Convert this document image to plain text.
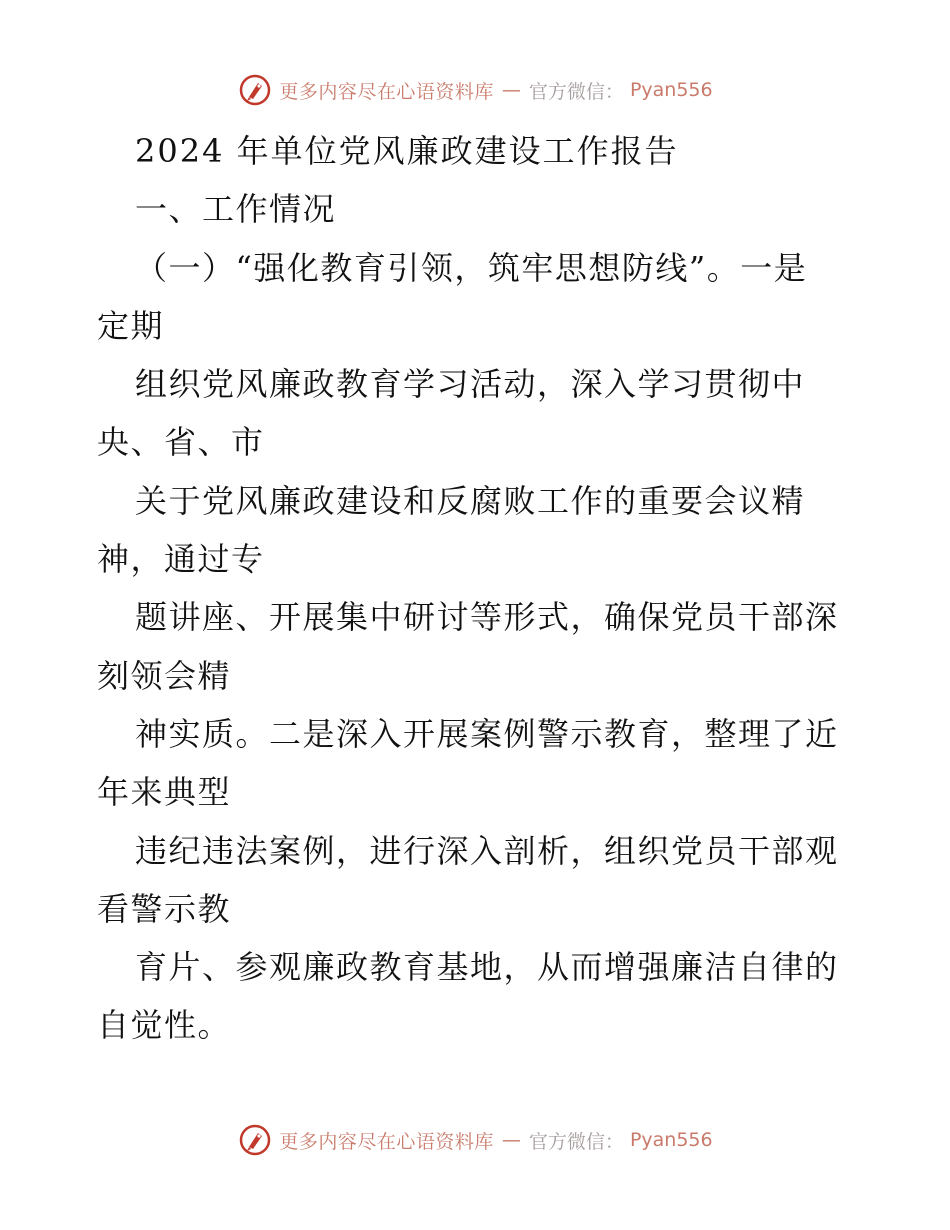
更多内容尽在心语资料库 — 官方微信： Pyan556
2024 年单位党风廉政建设工作报告
一、工作情况
（一）“强化教育引领，筑牢思想防线”。一是
定期
组织党风廉政教育学习活动，深入学习贯彻中
央、省、市
关于党风廉政建设和反腐败工作的重要会议精
神，通过专
题讲座、开展集中研讨等形式，确保党员干部深
刻领会精
神实质。二是深入开展案例警示教育，整理了近
年来典型
违纪违法案例，进行深入剖析，组织党员干部观
看警示教
育片、参观廉政教育基地，从而增强廉洁自律的
自觉性。
更多内容尽在心语资料库 — 官方微信： Pyan556
